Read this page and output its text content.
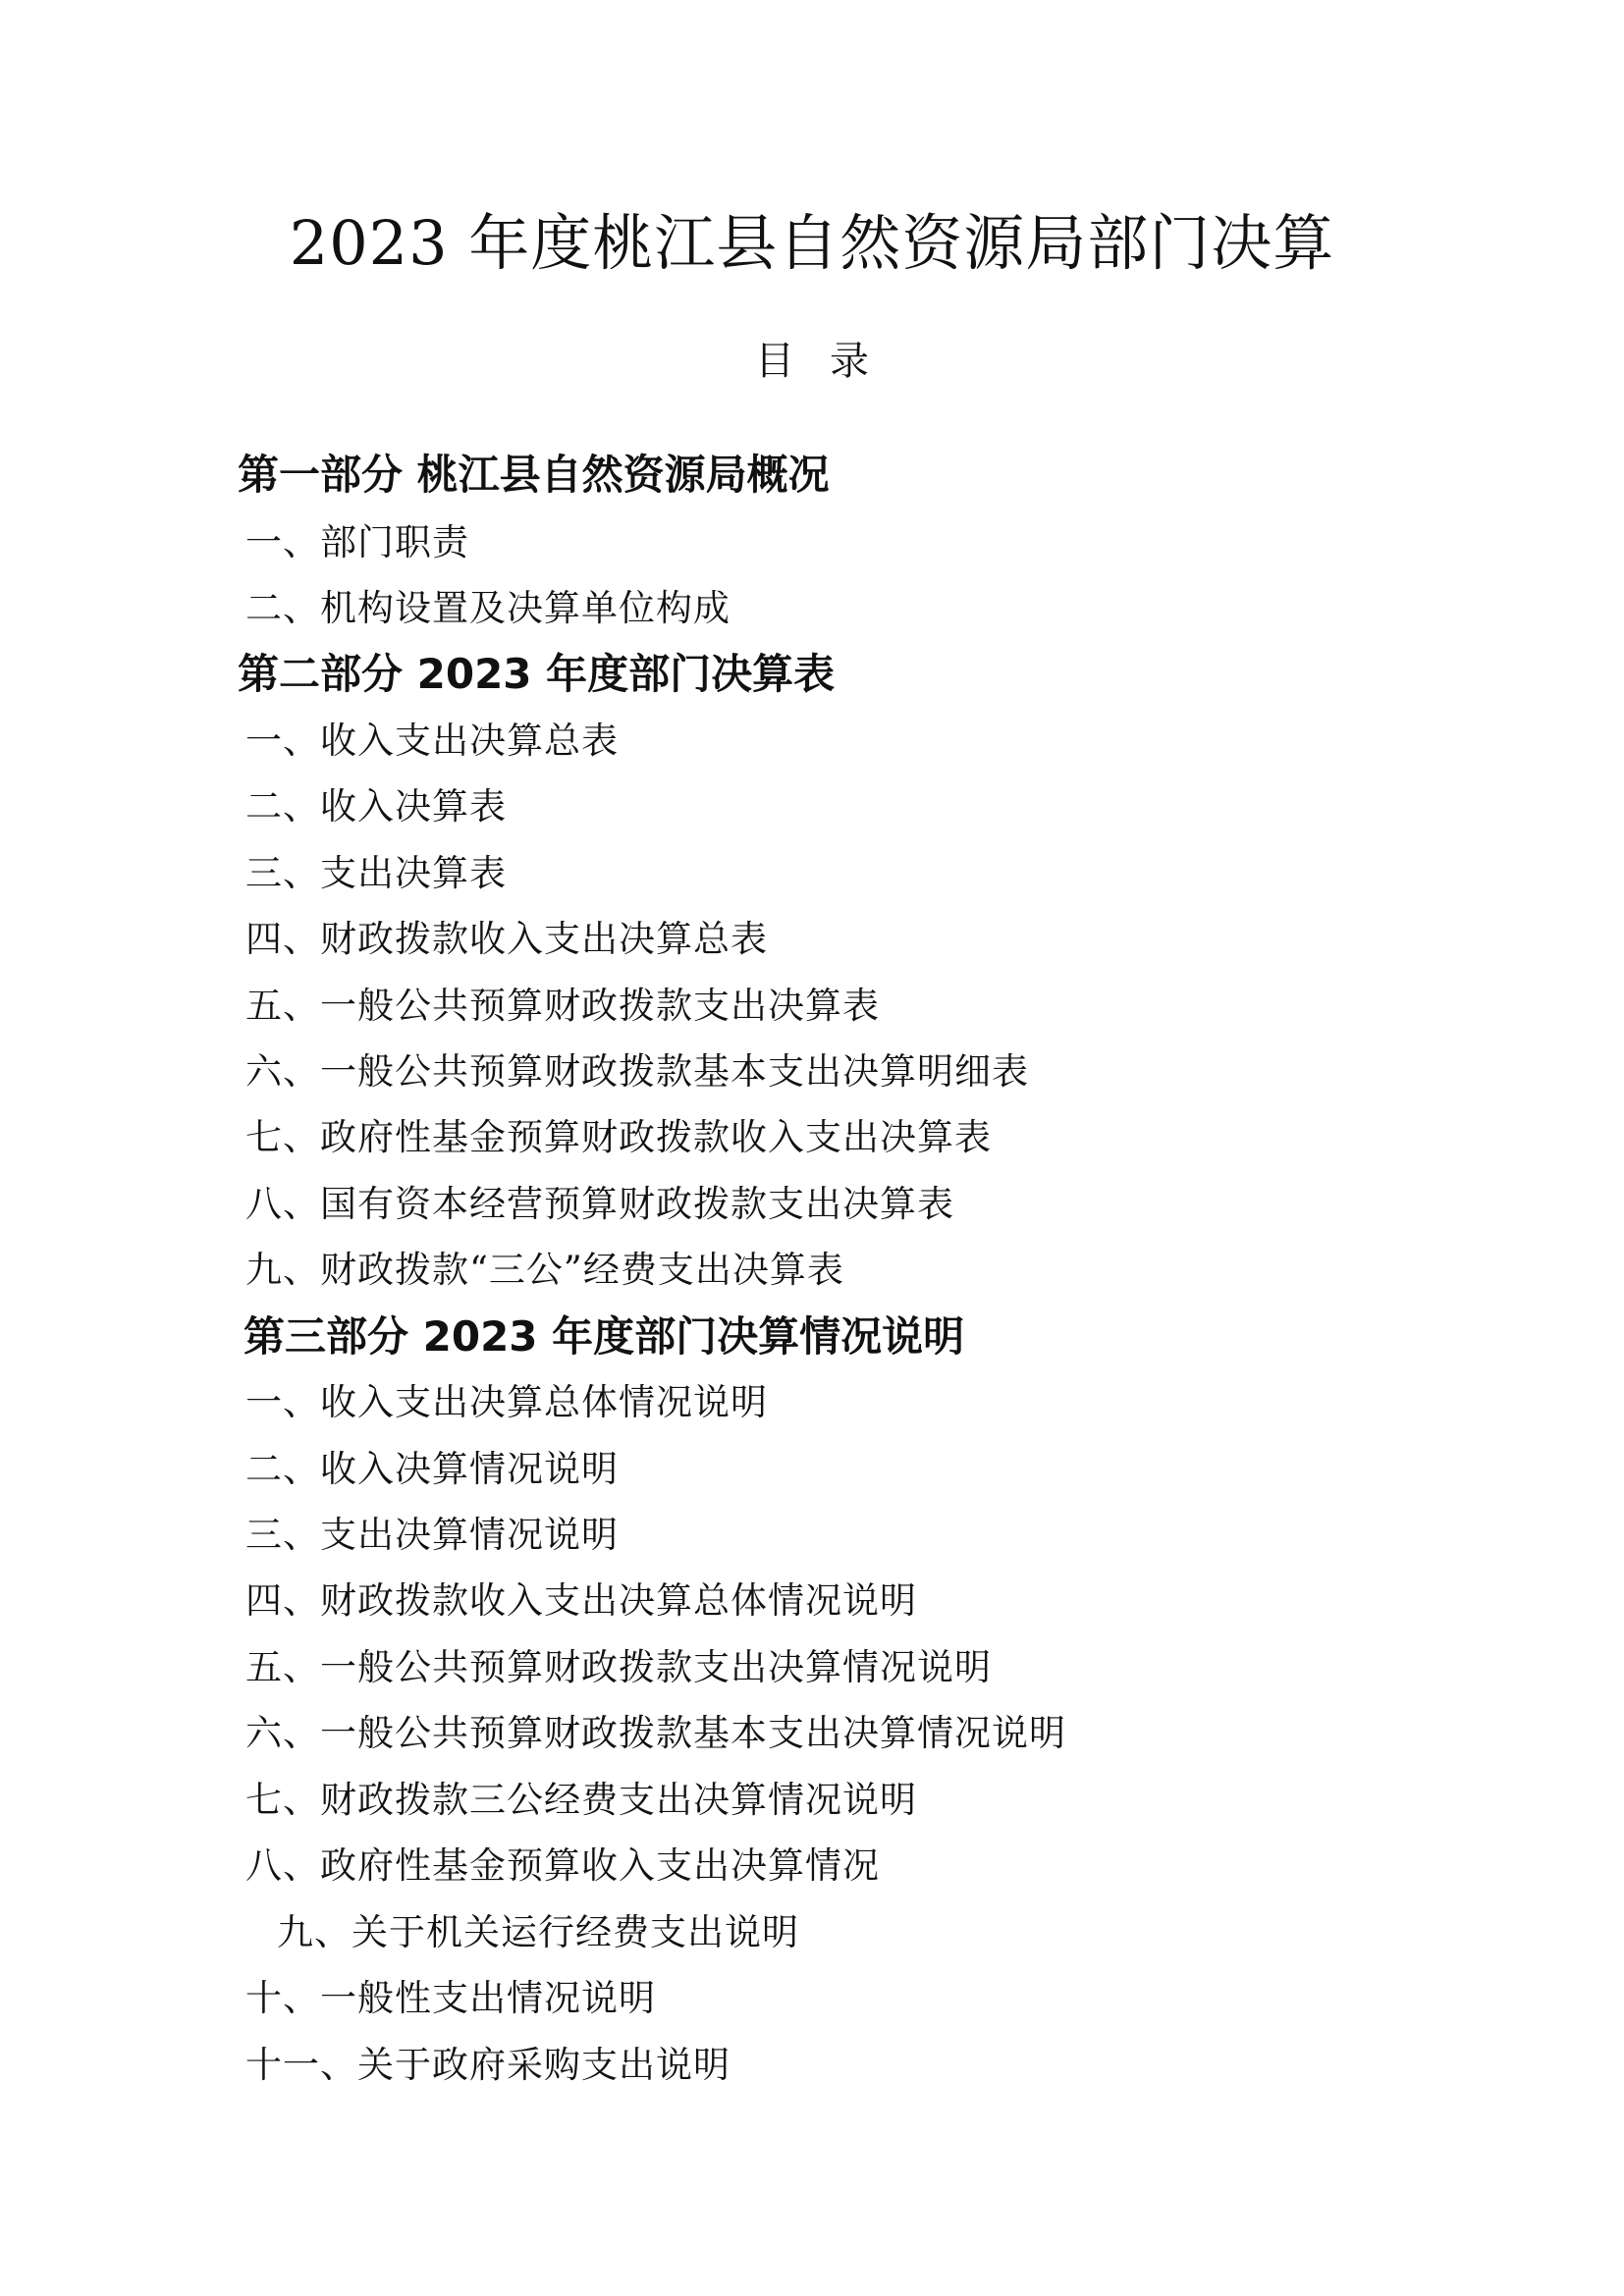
2023 年度桃江县自然资源局部门决算
目 录
第一部分 桃江县自然资源局概况
一、部门职责
二、机构设置及决算单位构成
第二部分 2023 年度部门决算表
一、收入支出决算总表
二、收入决算表
三、支出决算表
四、财政拨款收入支出决算总表
五、一般公共预算财政拨款支出决算表
六、一般公共预算财政拨款基本支出决算明细表
七、政府性基金预算财政拨款收入支出决算表
八、国有资本经营预算财政拨款支出决算表
九、财政拨款“三公”经费支出决算表
第三部分 2023 年度部门决算情况说明
一、收入支出决算总体情况说明
二、收入决算情况说明
三、支出决算情况说明
四、财政拨款收入支出决算总体情况说明
五、一般公共预算财政拨款支出决算情况说明
六、一般公共预算财政拨款基本支出决算情况说明
七、财政拨款三公经费支出决算情况说明
八、政府性基金预算收入支出决算情况
九、关于机关运行经费支出说明
十、一般性支出情况说明
十一、关于政府采购支出说明
